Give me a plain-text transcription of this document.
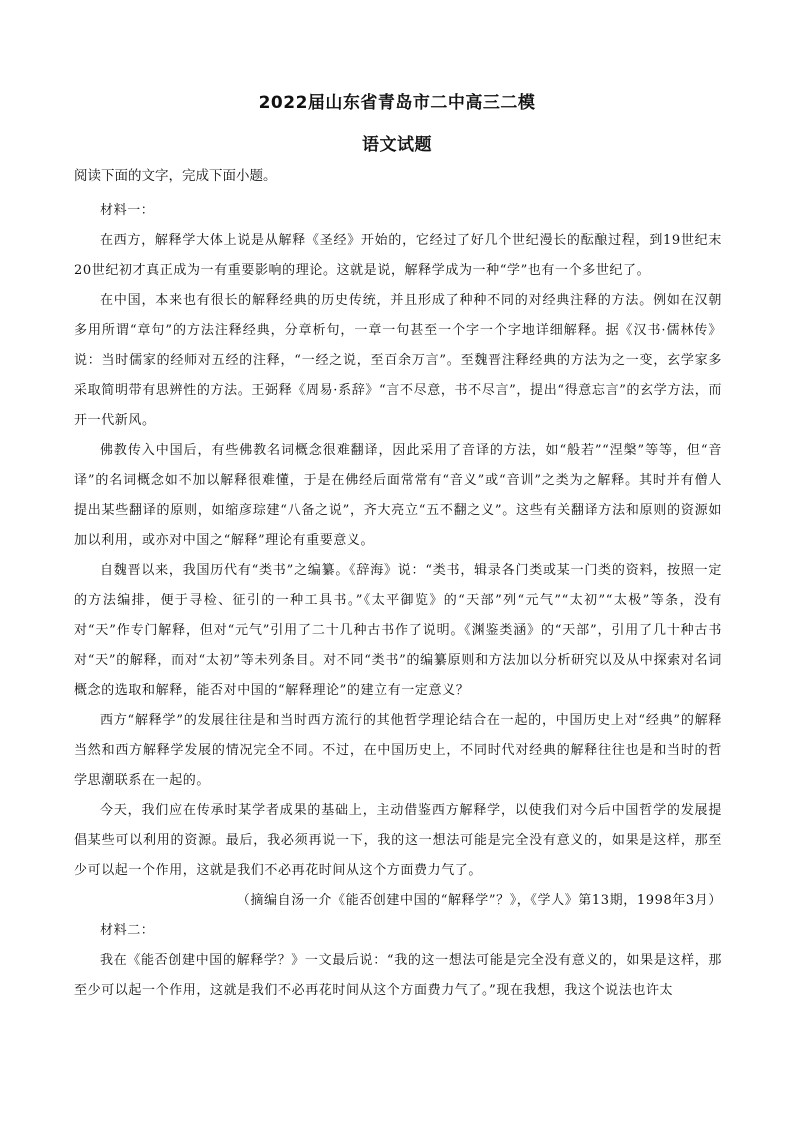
2022届山东省青岛市二中高三二模
语文试题
阅读下面的文字，完成下面小题。

材料一：

在西方，解释学大体上说是从解释《圣经》开始的，它经过了好几个世纪漫长的酝酿过程，到19世纪末20世纪初才真正成为一有重要影响的理论。这就是说，解释学成为一种“学”也有一个多世纪了。

在中国，本来也有很长的解释经典的历史传统，并且形成了种种不同的对经典注释的方法。例如在汉朝多用所谓“章句”的方法注释经典，分章析句，一章一句甚至一个字一个字地详细解释。据《汉书·儒林传》说：当时儒家的经师对五经的注释，“一经之说，至百余万言”。至魏晋注释经典的方法为之一变，玄学家多采取简明带有思辨性的方法。王弼释《周易·系辞》“言不尽意，书不尽言”，提出“得意忘言”的玄学方法，而开一代新风。

佛教传入中国后，有些佛教名词概念很难翻译，因此采用了音译的方法，如“般若”“涅槃”等等，但“音译”的名词概念如不加以解释很难懂，于是在佛经后面常常有“音义”或“音训”之类为之解释。其时并有僧人提出某些翻译的原则，如缩彦琮建“八备之说”，齐大亮立“五不翻之义”。这些有关翻译方法和原则的资源如加以利用，或亦对中国之“解释”理论有重要意义。

自魏晋以来，我国历代有“类书”之编纂。《辞海》说：“类书，辑录各门类或某一门类的资料，按照一定的方法编排，便于寻检、征引的一种工具书。”《太平御览》的“天部”列“元气”“太初”“太极”等条，没有对“天”作专门解释，但对“元气”引用了二十几种古书作了说明。《渊鉴类涵》的“天部”，引用了几十种古书对“天”的解释，而对“太初”等未列条目。对不同“类书”的编纂原则和方法加以分析研究以及从中探索对名词概念的选取和解释，能否对中国的“解释理论”的建立有一定意义？

西方“解释学”的发展往往是和当时西方流行的其他哲学理论结合在一起的，中国历史上对“经典”的解释当然和西方解释学发展的情况完全不同。不过，在中国历史上，不同时代对经典的解释往往也是和当时的哲学思潮联系在一起的。

今天，我们应在传承时某学者成果的基础上，主动借鉴西方解释学，以使我们对今后中国哲学的发展提倡某些可以利用的资源。最后，我必须再说一下，我的这一想法可能是完全没有意义的，如果是这样，那至少可以起一个作用，这就是我们不必再花时间从这个方面费力气了。

（摘编自汤一介《能否创建中国的“解释学”？》，《学人》第13期，1998年3月）

材料二：

我在《能否创建中国的解释学？》一文最后说：“我的这一想法可能是完全没有意义的，如果是这样，那至少可以起一个作用，这就是我们不必再花时间从这个方面费力气了。”现在我想，我这个说法也许太
